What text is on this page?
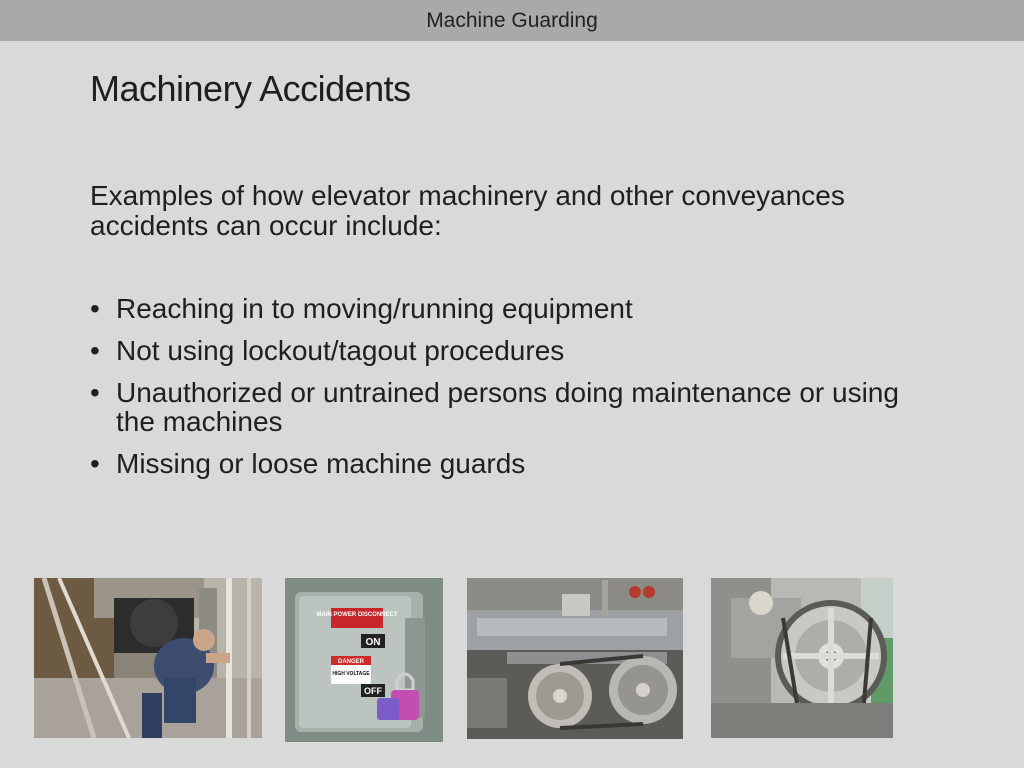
Machine Guarding
Machinery Accidents
Examples of how elevator machinery and other conveyances accidents can occur include:
• Reaching in to moving/running equipment
• Not using lockout/tagout procedures
• Unauthorized or untrained persons doing maintenance or using the machines
• Missing or loose machine guards
MAIN POWER DISCONNECT
ON
DANGER
HIGH VOLTAGE
OFF
